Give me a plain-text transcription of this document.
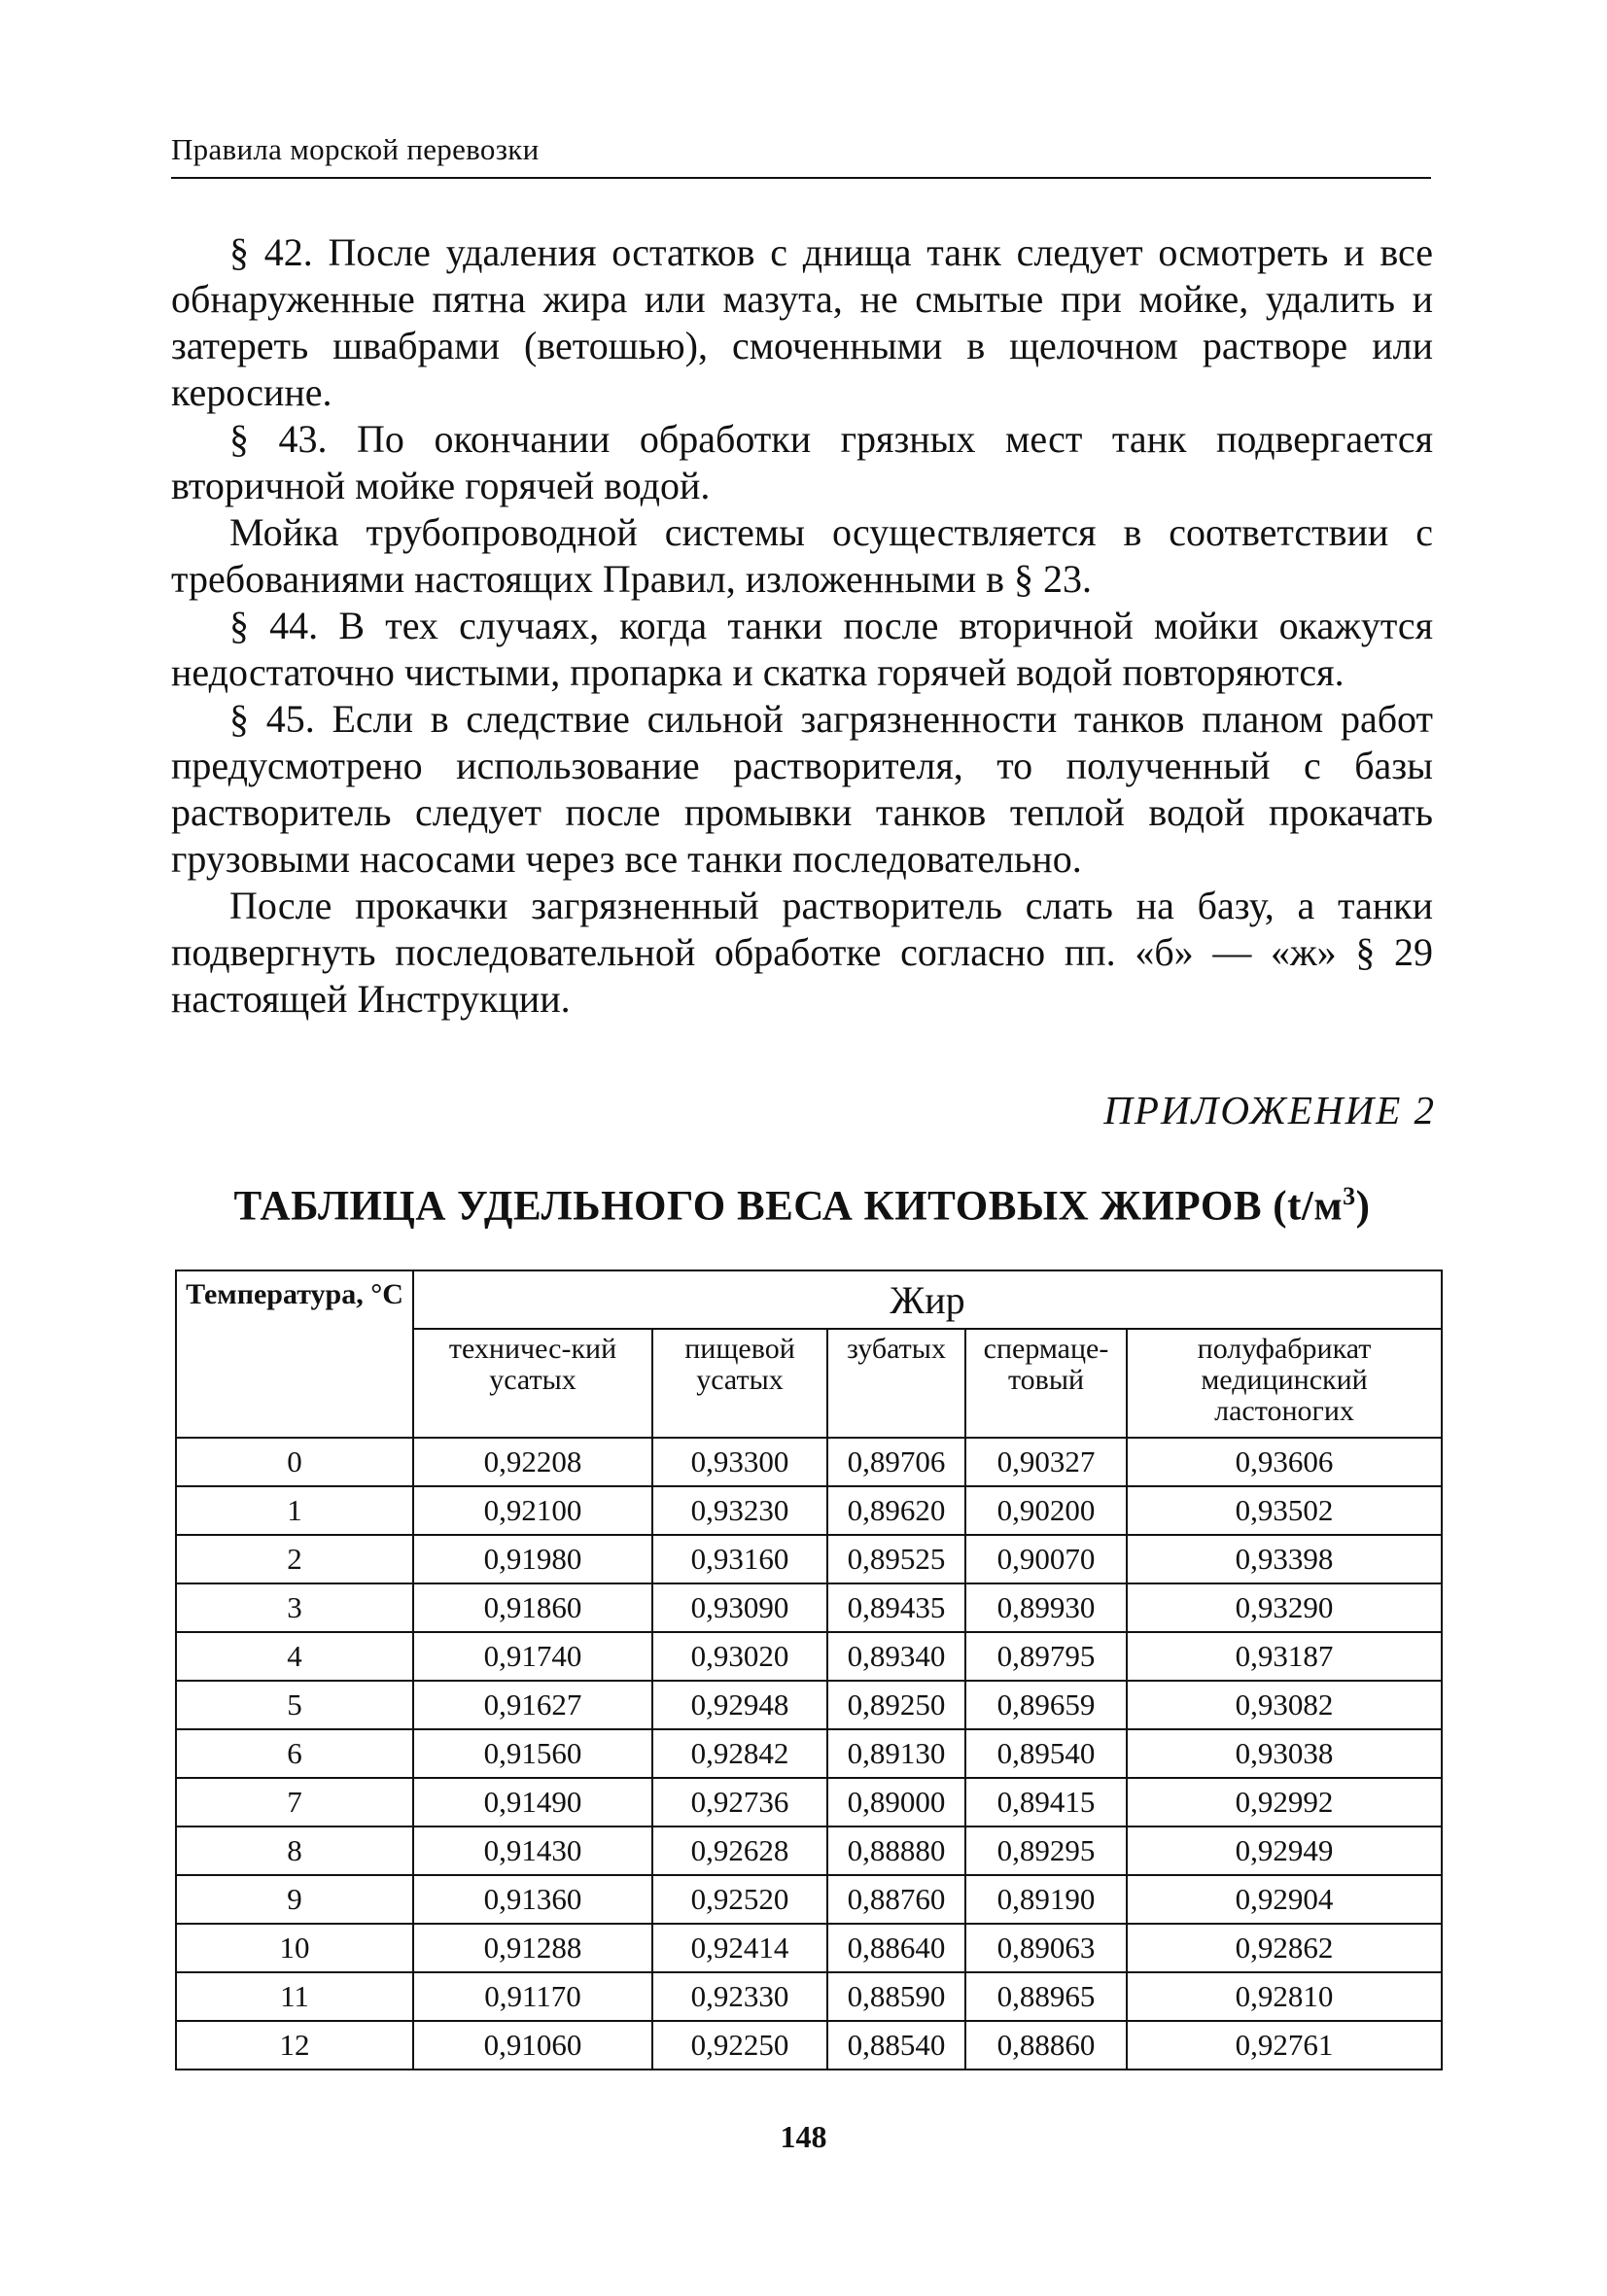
Правила морской перевозки

§ 42. После удаления остатков с днища танк следует осмотреть и все обнаруженные пятна жира или мазута, не смытые при мойке, удалить и затереть швабрами (ветошью), смоченными в щелочном растворе или керосине.

§ 43. По окончании обработки грязных мест танк подвергается вторичной мойке горячей водой.

Мойка трубопроводной системы осуществляется в соответствии с требованиями настоящих Правил, изложенными в § 23.

§ 44. В тех случаях, когда танки после вторичной мойки окажутся недостаточно чистыми, пропарка и скатка горячей водой повторяются.

§ 45. Если в следствие сильной загрязненности танков планом работ предусмотрено использование растворителя, то полученный с базы растворитель следует после промывки танков теплой водой прокачать грузовыми насосами через все танки последовательно.

После прокачки загрязненный растворитель слать на базу, а танки подвергнуть последовательной обработке согласно пп. «б» — «ж» § 29 настоящей Инструкции.

ПРИЛОЖЕНИЕ 2
ТАБЛИЦА УДЕЛЬНОГО ВЕСА КИТОВЫХ ЖИРОВ $(t/м^3)$
Температура, °С	Жир				
	техничес-кий усатых	пищевой усатых	зубатых	спермаце-товый	полуфабрикат медицинский ластоногих
0	0,92208	0,93300	0,89706	0,90327	0,93606
1	0,92100	0,93230	0,89620	0,90200	0,93502
2	0,91980	0,93160	0,89525	0,90070	0,93398
3	0,91860	0,93090	0,89435	0,89930	0,93290
4	0,91740	0,93020	0,89340	0,89795	0,93187
5	0,91627	0,92948	0,89250	0,89659	0,93082
6	0,91560	0,92842	0,89130	0,89540	0,93038
7	0,91490	0,92736	0,89000	0,89415	0,92992
8	0,91430	0,92628	0,88880	0,89295	0,92949
9	0,91360	0,92520	0,88760	0,89190	0,92904
10	0,91288	0,92414	0,88640	0,89063	0,92862
11	0,91170	0,92330	0,88590	0,88965	0,92810
12	0,91060	0,92250	0,88540	0,88860	0,92761
148
